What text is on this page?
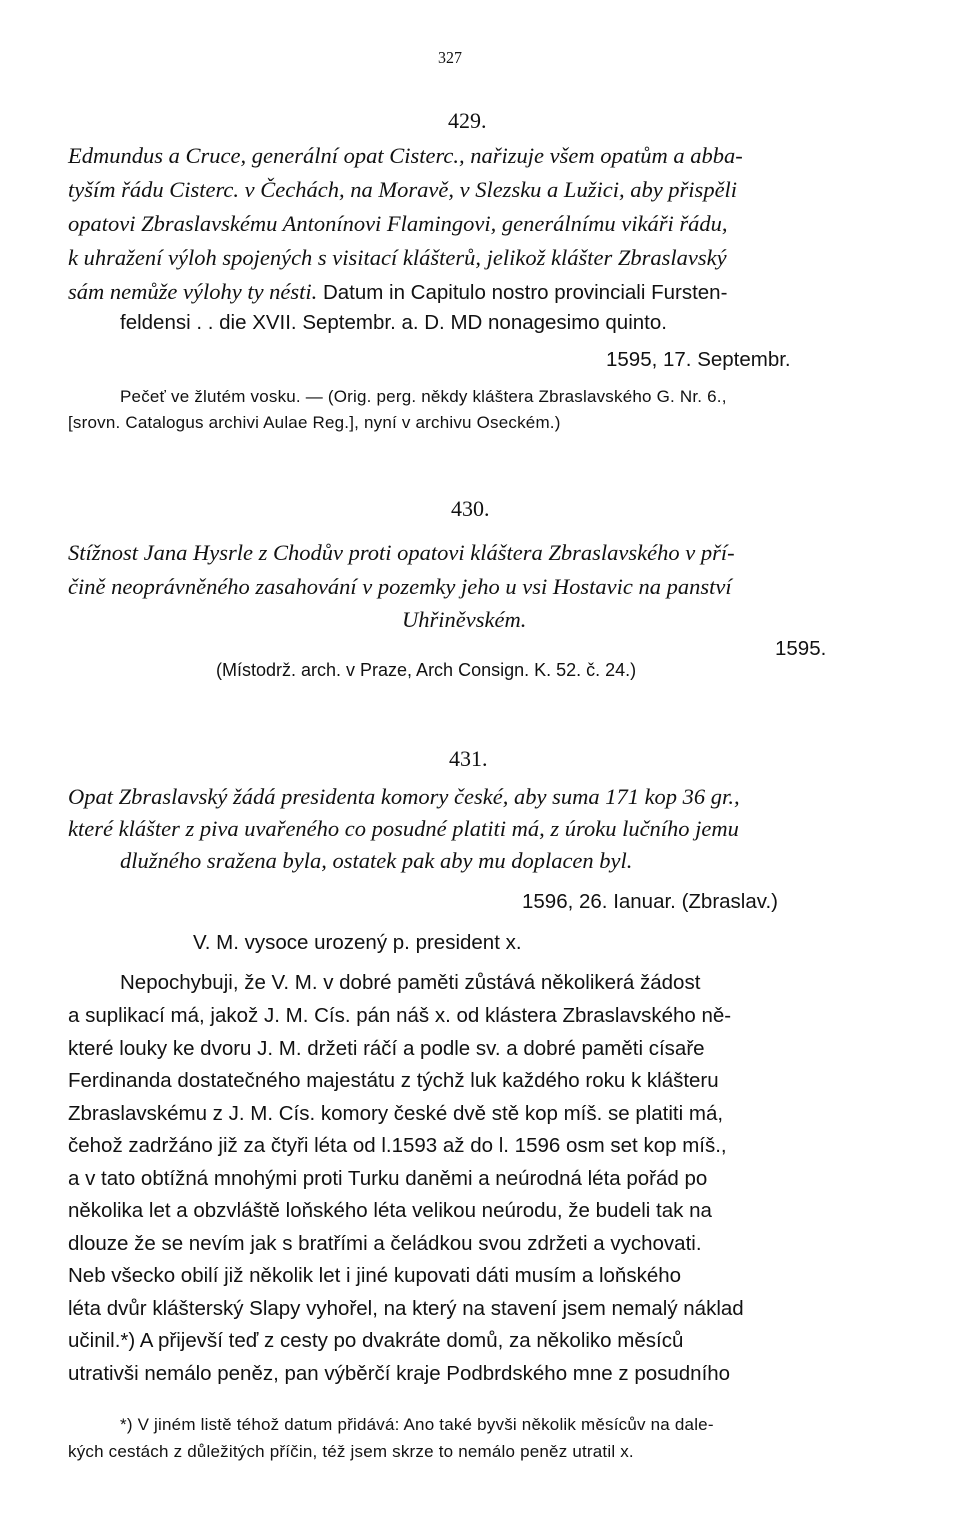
327
429.
Edmundus a Cruce, generální opat Cisterc., nařizuje všem opatům a abba-
tyším řádu Cisterc. v Čechách, na Moravě, v Slezsku a Lužici, aby přispěli
opatovi Zbraslavskému Antonínovi Flamingovi, generálnímu vikáři řádu,
k uhražení výloh spojených s visitací klášterů, jelikož klášter Zbraslavský
sám nemůže výlohy ty nésti. Datum in Capitulo nostro provinciali Fursten-
feldensi . . die XVII. Septembr. a. D. MD nonagesimo quinto.
1595, 17. Septembr.
Pečeť ve žlutém vosku. — (Orig. perg. někdy kláštera Zbraslavského G. Nr. 6.,
[srovn. Catalogus archivi Aulae Reg.], nyní v archivu Oseckém.)
430.
Stížnost Jana Hysrle z Chodův proti opatovi kláštera Zbraslavského v pří-
čině neoprávněného zasahování v pozemky jeho u vsi Hostavic na panství
Uhřiněvském.
1595.
(Místodrž. arch. v Praze, Arch Consign. K. 52. č. 24.)
431.
Opat Zbraslavský žádá presidenta komory české, aby suma 171 kop 36 gr.,
které klášter z piva uvařeného co posudné platiti má, z úroku lučního jemu
dlužného sražena byla, ostatek pak aby mu doplacen byl.
1596, 26. Ianuar. (Zbraslav.)
V. M. vysoce urozený p. president x.
Nepochybuji, že V. M. v dobré paměti zůstává několikerá žádost
a suplikací má, jakož J. M. Cís. pán náš x. od klástera Zbraslavského ně-
které louky ke dvoru J. M. držeti ráčí a podle sv. a dobré paměti císaře
Ferdinanda dostatečného majestátu z týchž luk každého roku k klášteru
Zbraslavskému z J. M. Cís. komory české dvě stě kop míš. se platiti má,
čehož zadržáno již za čtyři léta od l.1593 až do l. 1596 osm set kop míš.,
a v tato obtížná mnohými proti Turku daněmi a neúrodná léta pořád po
několika let a obzvláště loňského léta velikou neúrodu, že budeli tak na
dlouze že se nevím jak s bratřími a čeládkou svou zdržeti a vychovati.
Neb všecko obilí již několik let i jiné kupovati dáti musím a loňského
léta dvůr klášterský Slapy vyhořel, na který na stavení jsem nemalý náklad
učinil.*) A přijevší teď z cesty po dvakráte domů, za několiko měsíců
utrativši nemálo peněz, pan výběrčí kraje Podbrdského mne z posudního
*) V jiném listě téhož datum přidává: Ano také byvši několik měsícův na dale-
kých cestách z důležitých příčin, též jsem skrze to nemálo peněz utratil x.
